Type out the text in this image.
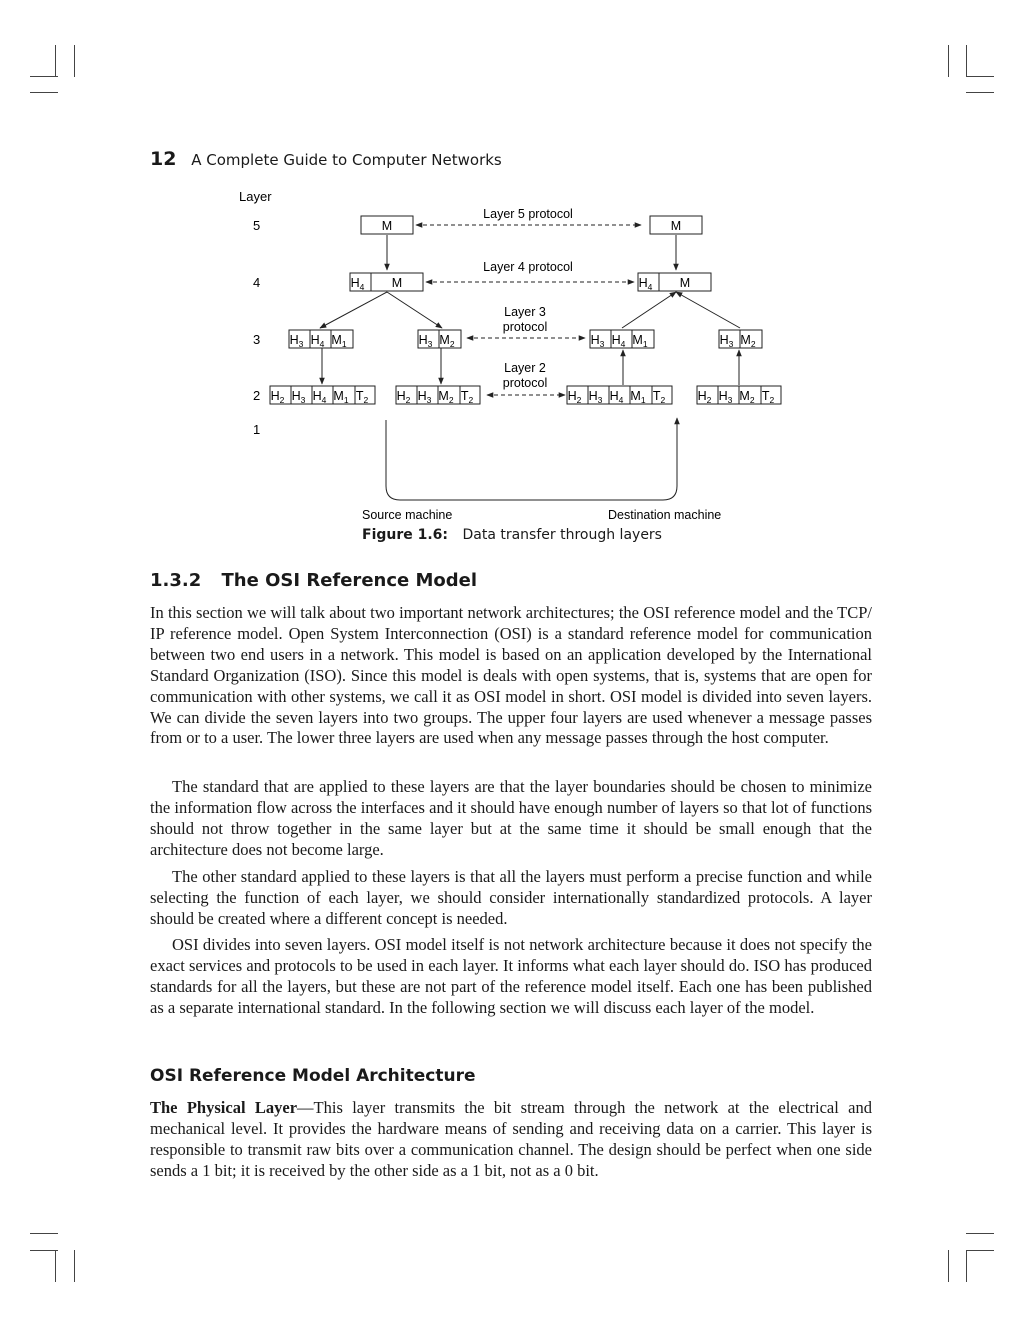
12 A Complete Guide to Computer Networks
Layer
5
4
3
2
1
Layer 5 protocol
Layer 4 protocol
Layer 3
protocol
Layer 2
protocol
M	M
$H_4$ M	$H_4$ M
$H_3$ $H_4$ $M_1$	$H_3$ $M_2$	$H_3$ $H_4$ $M_1$	$H_3$ $M_2$
$H_2$ $H_3$ $H_4$ $M_1$ $T_2$ $H_2$ $H_3$ $M_2$ $T_2$	$H_2$ $H_3$ $H_4$ $M_1$ $T_2$	$H_2$ $H_3$ $M_2$ $T_2$
Source machine	Destination machine
Figure 1.6: Data transfer through layers
1.3.2 The OSI Reference Model

In this section we will talk about two important network architectures; the OSI reference model and the TCP/ IP reference model. Open System Interconnection (OSI) is a standard reference model for communication between two end users in a network. This model is based on an application developed by the International Standard Organization (ISO). Since this model is deals with open systems, that is, systems that are open for communication with other systems, we call it as OSI model in short. OSI model is divided into seven layers. We can divide the seven layers into two groups. The upper four layers are used whenever a message passes from or to a user. The lower three layers are used when any message passes through the host computer.

The standard that are applied to these layers are that the layer boundaries should be chosen to minimize the information flow across the interfaces and it should have enough number of layers so that lot of functions should not throw together in the same layer but at the same time it should be small enough that the architecture does not become large.

The other standard applied to these layers is that all the layers must perform a precise function and while selecting the function of each layer, we should consider internationally standardized protocols. A layer should be created where a different concept is needed.

OSI divides into seven layers. OSI model itself is not network architecture because it does not specify the exact services and protocols to be used in each layer. It informs what each layer should do. ISO has produced standards for all the layers, but these are not part of the reference model itself. Each one has been published as a separate international standard. In the following section we will discuss each layer of the model.

OSI Reference Model Architecture

The Physical Layer—This layer transmits the bit stream through the network at the electrical and mechanical level. It provides the hardware means of sending and receiving data on a carrier. This layer is responsible to transmit raw bits over a communication channel. The design should be perfect when one side sends a 1 bit; it is received by the other side as a 1 bit, not as a 0 bit.
